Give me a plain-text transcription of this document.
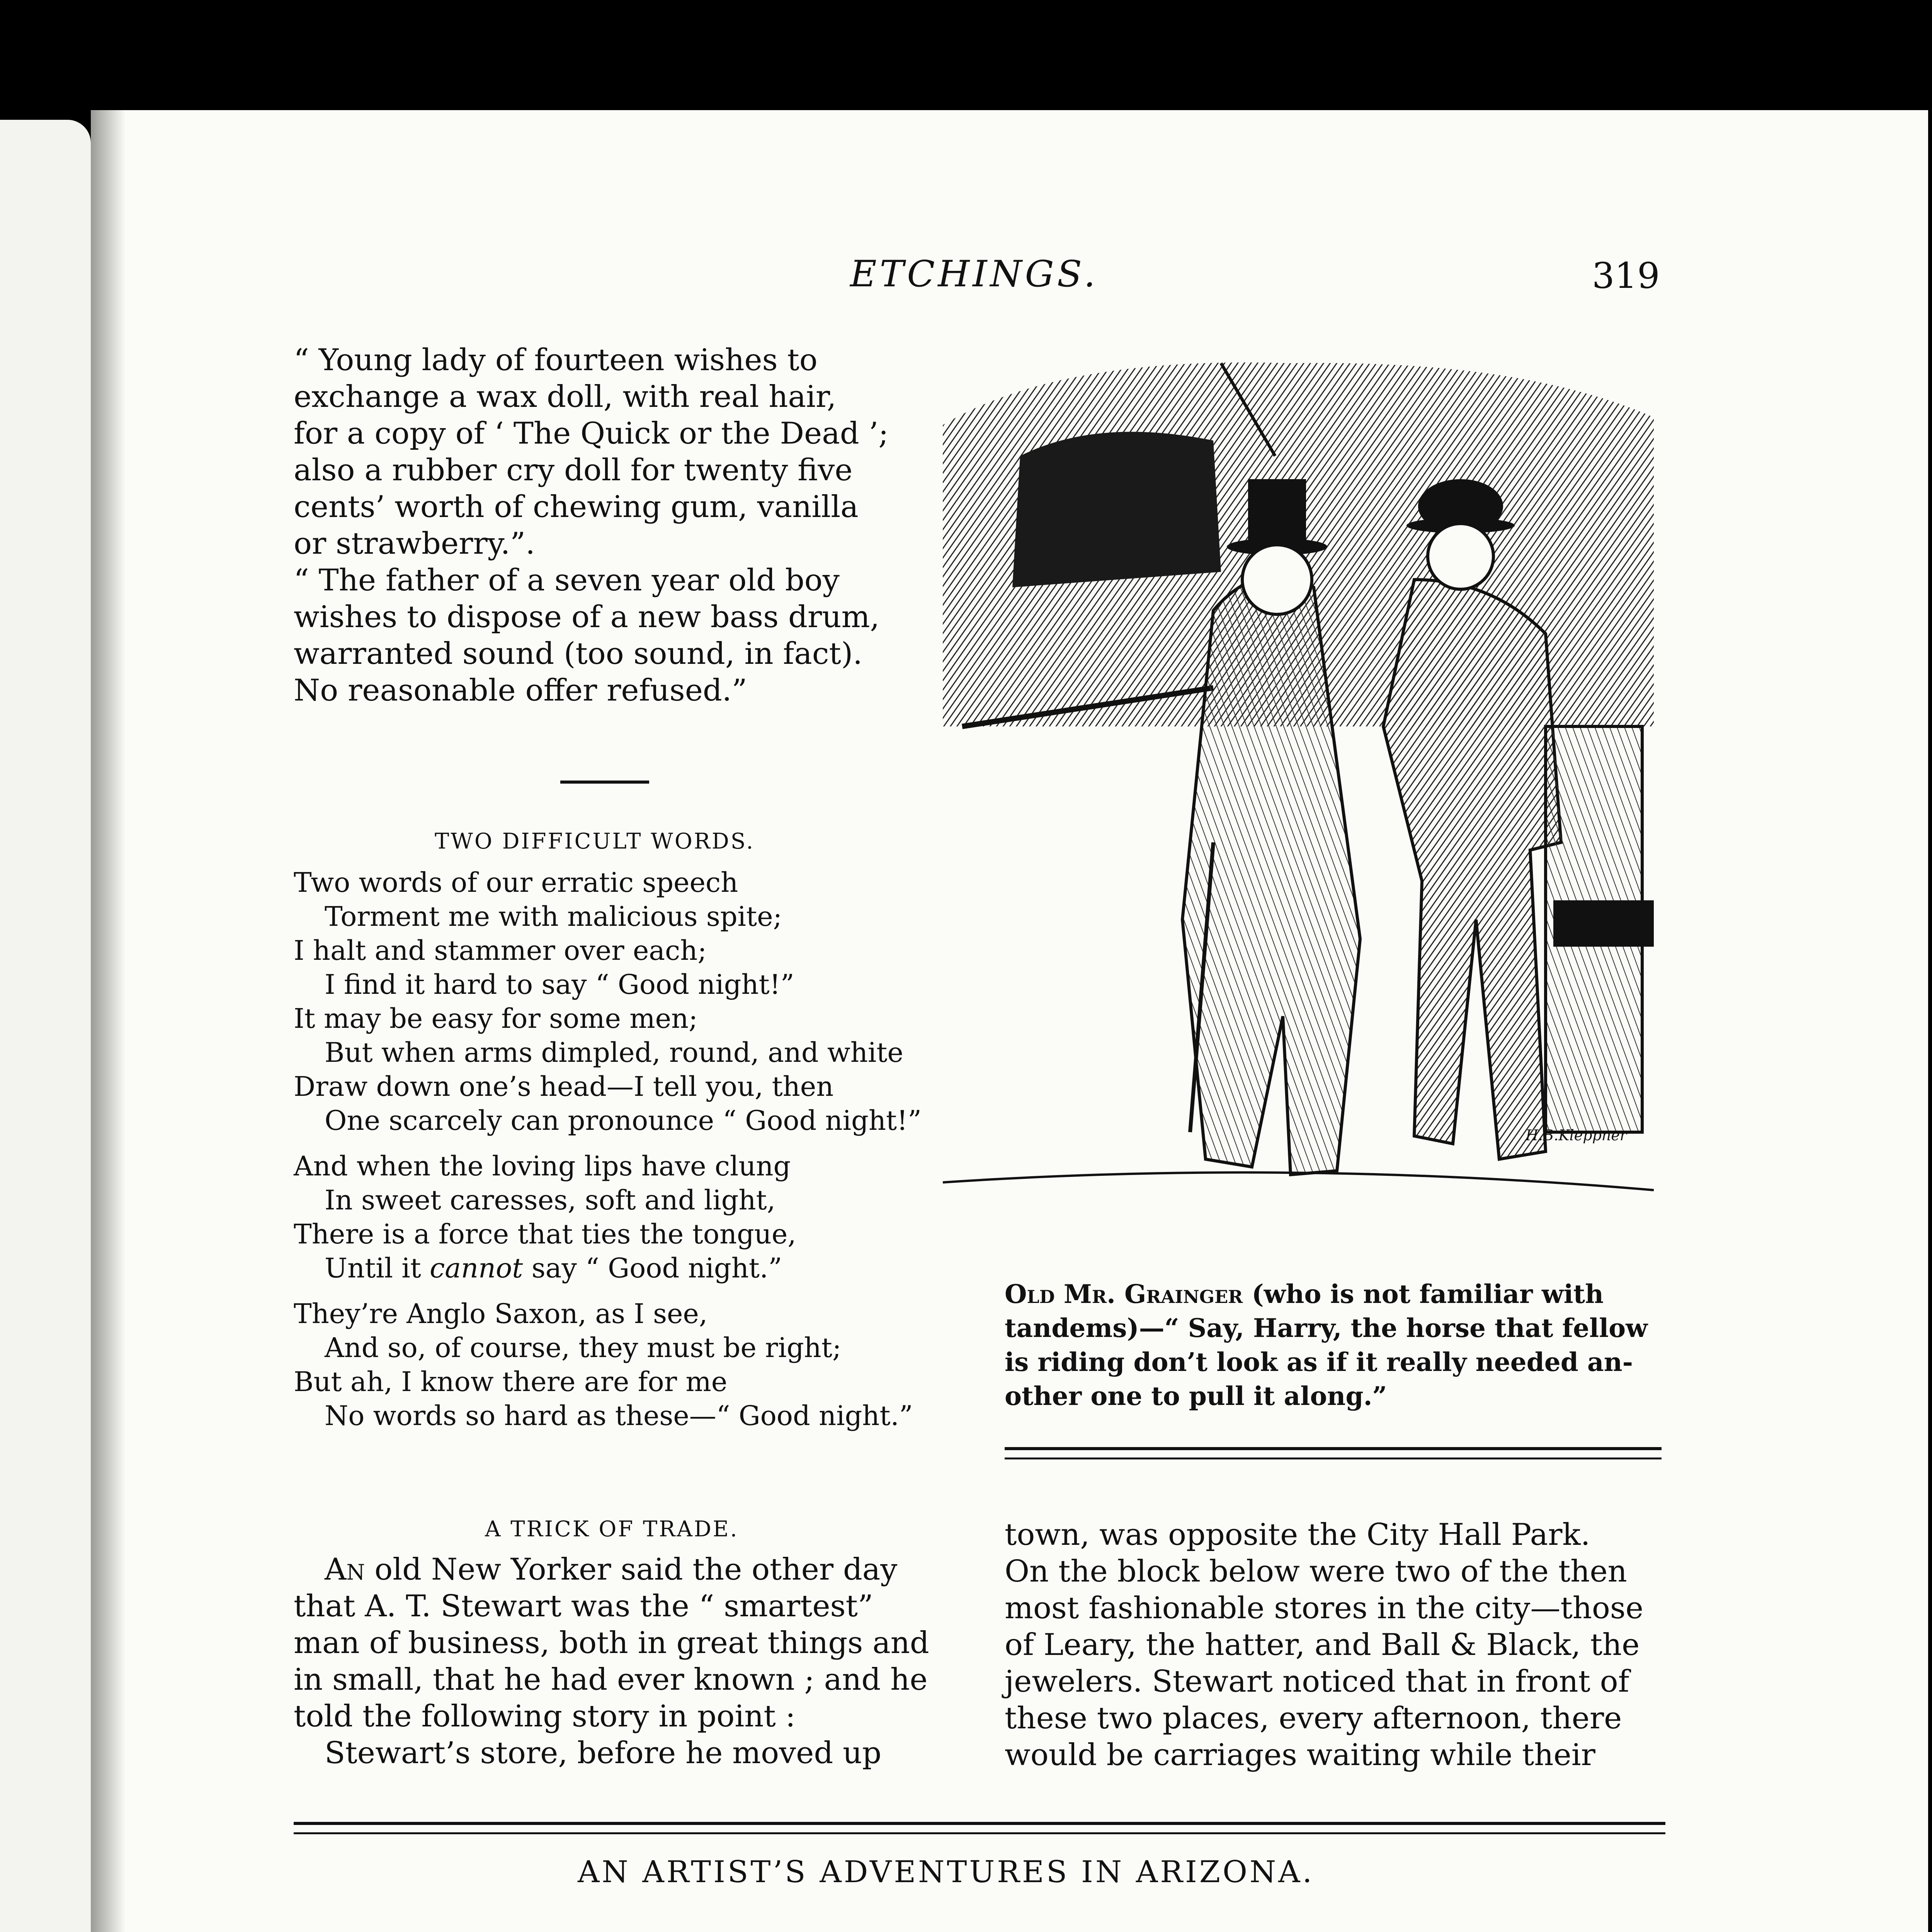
ETCHINGS.	319
“ Young lady of fourteen wishes to
exchange a wax doll, with real hair,
for a copy of ‘ The Quick or the Dead ’;
also a rubber cry doll for twenty five
cents’ worth of chewing gum, vanilla
or strawberry.”.
“ The father of a seven year old boy
wishes to dispose of a new bass drum,
warranted sound (too sound, in fact).
No reasonable offer refused.”
TWO DIFFICULT WORDS.
Two words of our erratic speech
Torment me with malicious spite;
I halt and stammer over each;
I find it hard to say “ Good night!”
It may be easy for some men;
But when arms dimpled, round, and white
Draw down one’s head—I tell you, then
One scarcely can pronounce “ Good night!”
And when the loving lips have clung
In sweet caresses, soft and light,
There is a force that ties the tongue,
Until it cannot say “ Good night.”
They’re Anglo Saxon, as I see,
And so, of course, they must be right;
But ah, I know there are for me
No words so hard as these—“ Good night.”
H.B.Kleppner
Old Mr. Grainger (who is not familiar with
tandems)—“ Say, Harry, the horse that fellow
is riding don’t look as if it really needed an-
other one to pull it along.”
A TRICK OF TRADE.
An old New Yorker said the other day
that A. T. Stewart was the “ smartest”
man of business, both in great things and
in small, that he had ever known ; and he
told the following story in point :
Stewart’s store, before he moved up
town, was opposite the City Hall Park.
On the block below were two of the then
most fashionable stores in the city—those
of Leary, the hatter, and Ball & Black, the
jewelers. Stewart noticed that in front of
these two places, every afternoon, there
would be carriages waiting while their
AN ARTIST’S ADVENTURES IN ARIZONA.
